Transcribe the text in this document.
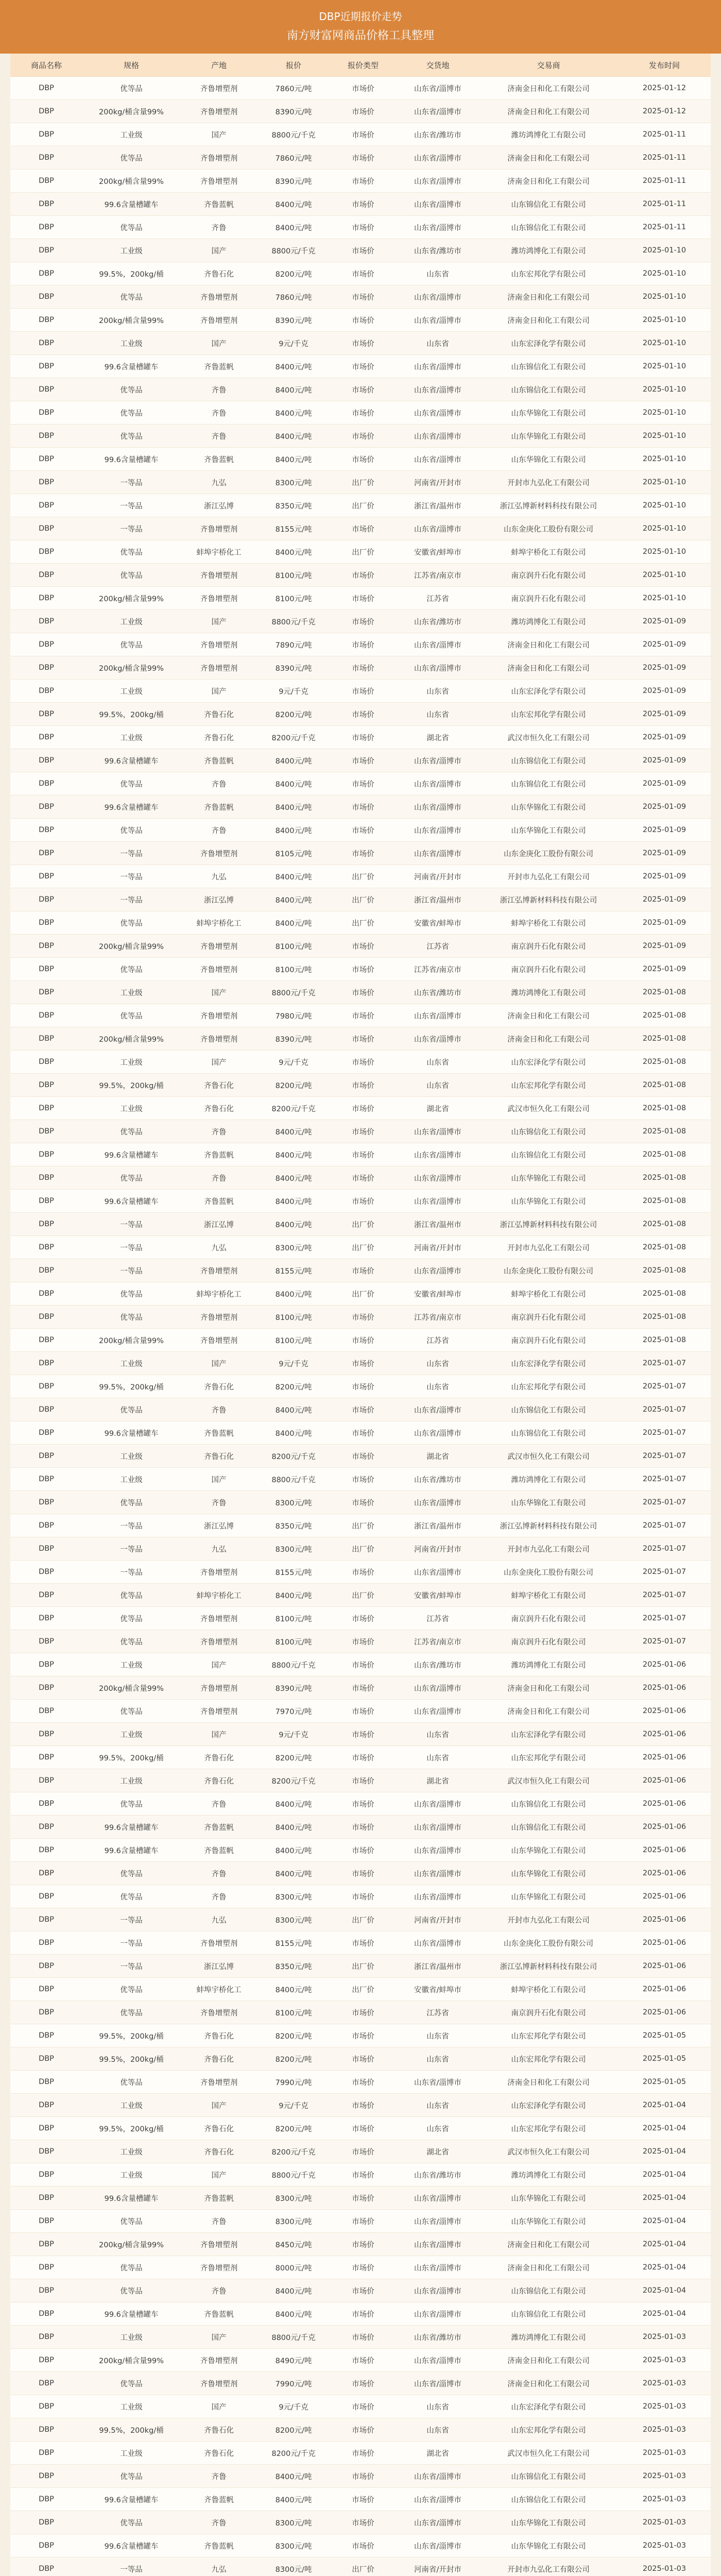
DBP近期报价走势
南方财富网商品价格工具整理
商品名称	规格	产地	报价	报价类型	交货地	交易商	发布时间
DBP	优等品	齐鲁增塑剂	7860元/吨	市场价	山东省/淄博市	济南金日和化工有限公司	2025-01-12
DBP	200kg/桶含量99%	齐鲁增塑剂	8390元/吨	市场价	山东省/淄博市	济南金日和化工有限公司	2025-01-12
DBP	工业级	国产	8800元/千克	市场价	山东省/潍坊市	潍坊鸿博化工有限公司	2025-01-11
DBP	优等品	齐鲁增塑剂	7860元/吨	市场价	山东省/淄博市	济南金日和化工有限公司	2025-01-11
DBP	200kg/桶含量99%	齐鲁增塑剂	8390元/吨	市场价	山东省/淄博市	济南金日和化工有限公司	2025-01-11
DBP	99.6含量槽罐车	齐鲁蓝帆	8400元/吨	市场价	山东省/淄博市	山东锦信化工有限公司	2025-01-11
DBP	优等品	齐鲁	8400元/吨	市场价	山东省/淄博市	山东锦信化工有限公司	2025-01-11
DBP	工业级	国产	8800元/千克	市场价	山东省/潍坊市	潍坊鸿博化工有限公司	2025-01-10
DBP	99.5%，200kg/桶	齐鲁石化	8200元/吨	市场价	山东省	山东宏邦化学有限公司	2025-01-10
DBP	优等品	齐鲁增塑剂	7860元/吨	市场价	山东省/淄博市	济南金日和化工有限公司	2025-01-10
DBP	200kg/桶含量99%	齐鲁增塑剂	8390元/吨	市场价	山东省/淄博市	济南金日和化工有限公司	2025-01-10
DBP	工业级	国产	9元/千克	市场价	山东省	山东宏泽化学有限公司	2025-01-10
DBP	99.6含量槽罐车	齐鲁蓝帆	8400元/吨	市场价	山东省/淄博市	山东锦信化工有限公司	2025-01-10
DBP	优等品	齐鲁	8400元/吨	市场价	山东省/淄博市	山东锦信化工有限公司	2025-01-10
DBP	优等品	齐鲁	8400元/吨	市场价	山东省/淄博市	山东华锦化工有限公司	2025-01-10
DBP	优等品	齐鲁	8400元/吨	市场价	山东省/淄博市	山东华锦化工有限公司	2025-01-10
DBP	99.6含量槽罐车	齐鲁蓝帆	8400元/吨	市场价	山东省/淄博市	山东华锦化工有限公司	2025-01-10
DBP	一等品	九弘	8300元/吨	出厂价	河南省/开封市	开封市九弘化工有限公司	2025-01-10
DBP	一等品	浙江弘博	8350元/吨	出厂价	浙江省/温州市	浙江弘博新材料科技有限公司	2025-01-10
DBP	一等品	齐鲁增塑剂	8155元/吨	市场价	山东省/淄博市	山东金庚化工股份有限公司	2025-01-10
DBP	优等品	蚌埠宇桥化工	8400元/吨	出厂价	安徽省/蚌埠市	蚌埠宇桥化工有限公司	2025-01-10
DBP	优等品	齐鲁增塑剂	8100元/吨	市场价	江苏省/南京市	南京润升石化有限公司	2025-01-10
DBP	200kg/桶含量99%	齐鲁增塑剂	8100元/吨	市场价	江苏省	南京润升石化有限公司	2025-01-10
DBP	工业级	国产	8800元/千克	市场价	山东省/潍坊市	潍坊鸿博化工有限公司	2025-01-09
DBP	优等品	齐鲁增塑剂	7890元/吨	市场价	山东省/淄博市	济南金日和化工有限公司	2025-01-09
DBP	200kg/桶含量99%	齐鲁增塑剂	8390元/吨	市场价	山东省/淄博市	济南金日和化工有限公司	2025-01-09
DBP	工业级	国产	9元/千克	市场价	山东省	山东宏泽化学有限公司	2025-01-09
DBP	99.5%，200kg/桶	齐鲁石化	8200元/吨	市场价	山东省	山东宏邦化学有限公司	2025-01-09
DBP	工业级	齐鲁石化	8200元/千克	市场价	湖北省	武汉市恒久化工有限公司	2025-01-09
DBP	99.6含量槽罐车	齐鲁蓝帆	8400元/吨	市场价	山东省/淄博市	山东锦信化工有限公司	2025-01-09
DBP	优等品	齐鲁	8400元/吨	市场价	山东省/淄博市	山东锦信化工有限公司	2025-01-09
DBP	99.6含量槽罐车	齐鲁蓝帆	8400元/吨	市场价	山东省/淄博市	山东华锦化工有限公司	2025-01-09
DBP	优等品	齐鲁	8400元/吨	市场价	山东省/淄博市	山东华锦化工有限公司	2025-01-09
DBP	一等品	齐鲁增塑剂	8105元/吨	市场价	山东省/淄博市	山东金庚化工股份有限公司	2025-01-09
DBP	一等品	九弘	8400元/吨	出厂价	河南省/开封市	开封市九弘化工有限公司	2025-01-09
DBP	一等品	浙江弘博	8400元/吨	出厂价	浙江省/温州市	浙江弘博新材料科技有限公司	2025-01-09
DBP	优等品	蚌埠宇桥化工	8400元/吨	出厂价	安徽省/蚌埠市	蚌埠宇桥化工有限公司	2025-01-09
DBP	200kg/桶含量99%	齐鲁增塑剂	8100元/吨	市场价	江苏省	南京润升石化有限公司	2025-01-09
DBP	优等品	齐鲁增塑剂	8100元/吨	市场价	江苏省/南京市	南京润升石化有限公司	2025-01-09
DBP	工业级	国产	8800元/千克	市场价	山东省/潍坊市	潍坊鸿博化工有限公司	2025-01-08
DBP	优等品	齐鲁增塑剂	7980元/吨	市场价	山东省/淄博市	济南金日和化工有限公司	2025-01-08
DBP	200kg/桶含量99%	齐鲁增塑剂	8390元/吨	市场价	山东省/淄博市	济南金日和化工有限公司	2025-01-08
DBP	工业级	国产	9元/千克	市场价	山东省	山东宏泽化学有限公司	2025-01-08
DBP	99.5%，200kg/桶	齐鲁石化	8200元/吨	市场价	山东省	山东宏邦化学有限公司	2025-01-08
DBP	工业级	齐鲁石化	8200元/千克	市场价	湖北省	武汉市恒久化工有限公司	2025-01-08
DBP	优等品	齐鲁	8400元/吨	市场价	山东省/淄博市	山东锦信化工有限公司	2025-01-08
DBP	99.6含量槽罐车	齐鲁蓝帆	8400元/吨	市场价	山东省/淄博市	山东锦信化工有限公司	2025-01-08
DBP	优等品	齐鲁	8400元/吨	市场价	山东省/淄博市	山东华锦化工有限公司	2025-01-08
DBP	99.6含量槽罐车	齐鲁蓝帆	8400元/吨	市场价	山东省/淄博市	山东华锦化工有限公司	2025-01-08
DBP	一等品	浙江弘博	8400元/吨	出厂价	浙江省/温州市	浙江弘博新材料科技有限公司	2025-01-08
DBP	一等品	九弘	8300元/吨	出厂价	河南省/开封市	开封市九弘化工有限公司	2025-01-08
DBP	一等品	齐鲁增塑剂	8155元/吨	市场价	山东省/淄博市	山东金庚化工股份有限公司	2025-01-08
DBP	优等品	蚌埠宇桥化工	8400元/吨	出厂价	安徽省/蚌埠市	蚌埠宇桥化工有限公司	2025-01-08
DBP	优等品	齐鲁增塑剂	8100元/吨	市场价	江苏省/南京市	南京润升石化有限公司	2025-01-08
DBP	200kg/桶含量99%	齐鲁增塑剂	8100元/吨	市场价	江苏省	南京润升石化有限公司	2025-01-08
DBP	工业级	国产	9元/千克	市场价	山东省	山东宏泽化学有限公司	2025-01-07
DBP	99.5%，200kg/桶	齐鲁石化	8200元/吨	市场价	山东省	山东宏邦化学有限公司	2025-01-07
DBP	优等品	齐鲁	8400元/吨	市场价	山东省/淄博市	山东锦信化工有限公司	2025-01-07
DBP	99.6含量槽罐车	齐鲁蓝帆	8400元/吨	市场价	山东省/淄博市	山东锦信化工有限公司	2025-01-07
DBP	工业级	齐鲁石化	8200元/千克	市场价	湖北省	武汉市恒久化工有限公司	2025-01-07
DBP	工业级	国产	8800元/千克	市场价	山东省/潍坊市	潍坊鸿博化工有限公司	2025-01-07
DBP	优等品	齐鲁	8300元/吨	市场价	山东省/淄博市	山东华锦化工有限公司	2025-01-07
DBP	一等品	浙江弘博	8350元/吨	出厂价	浙江省/温州市	浙江弘博新材料科技有限公司	2025-01-07
DBP	一等品	九弘	8300元/吨	出厂价	河南省/开封市	开封市九弘化工有限公司	2025-01-07
DBP	一等品	齐鲁增塑剂	8155元/吨	市场价	山东省/淄博市	山东金庚化工股份有限公司	2025-01-07
DBP	优等品	蚌埠宇桥化工	8400元/吨	出厂价	安徽省/蚌埠市	蚌埠宇桥化工有限公司	2025-01-07
DBP	优等品	齐鲁增塑剂	8100元/吨	市场价	江苏省	南京润升石化有限公司	2025-01-07
DBP	优等品	齐鲁增塑剂	8100元/吨	市场价	江苏省/南京市	南京润升石化有限公司	2025-01-07
DBP	工业级	国产	8800元/千克	市场价	山东省/潍坊市	潍坊鸿博化工有限公司	2025-01-06
DBP	200kg/桶含量99%	齐鲁增塑剂	8390元/吨	市场价	山东省/淄博市	济南金日和化工有限公司	2025-01-06
DBP	优等品	齐鲁增塑剂	7970元/吨	市场价	山东省/淄博市	济南金日和化工有限公司	2025-01-06
DBP	工业级	国产	9元/千克	市场价	山东省	山东宏泽化学有限公司	2025-01-06
DBP	99.5%，200kg/桶	齐鲁石化	8200元/吨	市场价	山东省	山东宏邦化学有限公司	2025-01-06
DBP	工业级	齐鲁石化	8200元/千克	市场价	湖北省	武汉市恒久化工有限公司	2025-01-06
DBP	优等品	齐鲁	8400元/吨	市场价	山东省/淄博市	山东锦信化工有限公司	2025-01-06
DBP	99.6含量槽罐车	齐鲁蓝帆	8400元/吨	市场价	山东省/淄博市	山东锦信化工有限公司	2025-01-06
DBP	99.6含量槽罐车	齐鲁蓝帆	8400元/吨	市场价	山东省/淄博市	山东华锦化工有限公司	2025-01-06
DBP	优等品	齐鲁	8400元/吨	市场价	山东省/淄博市	山东华锦化工有限公司	2025-01-06
DBP	优等品	齐鲁	8300元/吨	市场价	山东省/淄博市	山东华锦化工有限公司	2025-01-06
DBP	一等品	九弘	8300元/吨	出厂价	河南省/开封市	开封市九弘化工有限公司	2025-01-06
DBP	一等品	齐鲁增塑剂	8155元/吨	市场价	山东省/淄博市	山东金庚化工股份有限公司	2025-01-06
DBP	一等品	浙江弘博	8350元/吨	出厂价	浙江省/温州市	浙江弘博新材料科技有限公司	2025-01-06
DBP	优等品	蚌埠宇桥化工	8400元/吨	出厂价	安徽省/蚌埠市	蚌埠宇桥化工有限公司	2025-01-06
DBP	优等品	齐鲁增塑剂	8100元/吨	市场价	江苏省	南京润升石化有限公司	2025-01-06
DBP	99.5%，200kg/桶	齐鲁石化	8200元/吨	市场价	山东省	山东宏邦化学有限公司	2025-01-05
DBP	99.5%，200kg/桶	齐鲁石化	8200元/吨	市场价	山东省	山东宏邦化学有限公司	2025-01-05
DBP	优等品	齐鲁增塑剂	7990元/吨	市场价	山东省/淄博市	济南金日和化工有限公司	2025-01-05
DBP	工业级	国产	9元/千克	市场价	山东省	山东宏泽化学有限公司	2025-01-04
DBP	99.5%，200kg/桶	齐鲁石化	8200元/吨	市场价	山东省	山东宏邦化学有限公司	2025-01-04
DBP	工业级	齐鲁石化	8200元/千克	市场价	湖北省	武汉市恒久化工有限公司	2025-01-04
DBP	工业级	国产	8800元/千克	市场价	山东省/潍坊市	潍坊鸿博化工有限公司	2025-01-04
DBP	99.6含量槽罐车	齐鲁蓝帆	8300元/吨	市场价	山东省/淄博市	山东华锦化工有限公司	2025-01-04
DBP	优等品	齐鲁	8300元/吨	市场价	山东省/淄博市	山东华锦化工有限公司	2025-01-04
DBP	200kg/桶含量99%	齐鲁增塑剂	8450元/吨	市场价	山东省/淄博市	济南金日和化工有限公司	2025-01-04
DBP	优等品	齐鲁增塑剂	8000元/吨	市场价	山东省/淄博市	济南金日和化工有限公司	2025-01-04
DBP	优等品	齐鲁	8400元/吨	市场价	山东省/淄博市	山东锦信化工有限公司	2025-01-04
DBP	99.6含量槽罐车	齐鲁蓝帆	8400元/吨	市场价	山东省/淄博市	山东锦信化工有限公司	2025-01-04
DBP	工业级	国产	8800元/千克	市场价	山东省/潍坊市	潍坊鸿博化工有限公司	2025-01-03
DBP	200kg/桶含量99%	齐鲁增塑剂	8490元/吨	市场价	山东省/淄博市	济南金日和化工有限公司	2025-01-03
DBP	优等品	齐鲁增塑剂	7990元/吨	市场价	山东省/淄博市	济南金日和化工有限公司	2025-01-03
DBP	工业级	国产	9元/千克	市场价	山东省	山东宏泽化学有限公司	2025-01-03
DBP	99.5%，200kg/桶	齐鲁石化	8200元/吨	市场价	山东省	山东宏邦化学有限公司	2025-01-03
DBP	工业级	齐鲁石化	8200元/千克	市场价	湖北省	武汉市恒久化工有限公司	2025-01-03
DBP	优等品	齐鲁	8400元/吨	市场价	山东省/淄博市	山东锦信化工有限公司	2025-01-03
DBP	99.6含量槽罐车	齐鲁蓝帆	8400元/吨	市场价	山东省/淄博市	山东锦信化工有限公司	2025-01-03
DBP	优等品	齐鲁	8300元/吨	市场价	山东省/淄博市	山东华锦化工有限公司	2025-01-03
DBP	99.6含量槽罐车	齐鲁蓝帆	8300元/吨	市场价	山东省/淄博市	山东华锦化工有限公司	2025-01-03
DBP	一等品	九弘	8300元/吨	出厂价	河南省/开封市	开封市九弘化工有限公司	2025-01-03
